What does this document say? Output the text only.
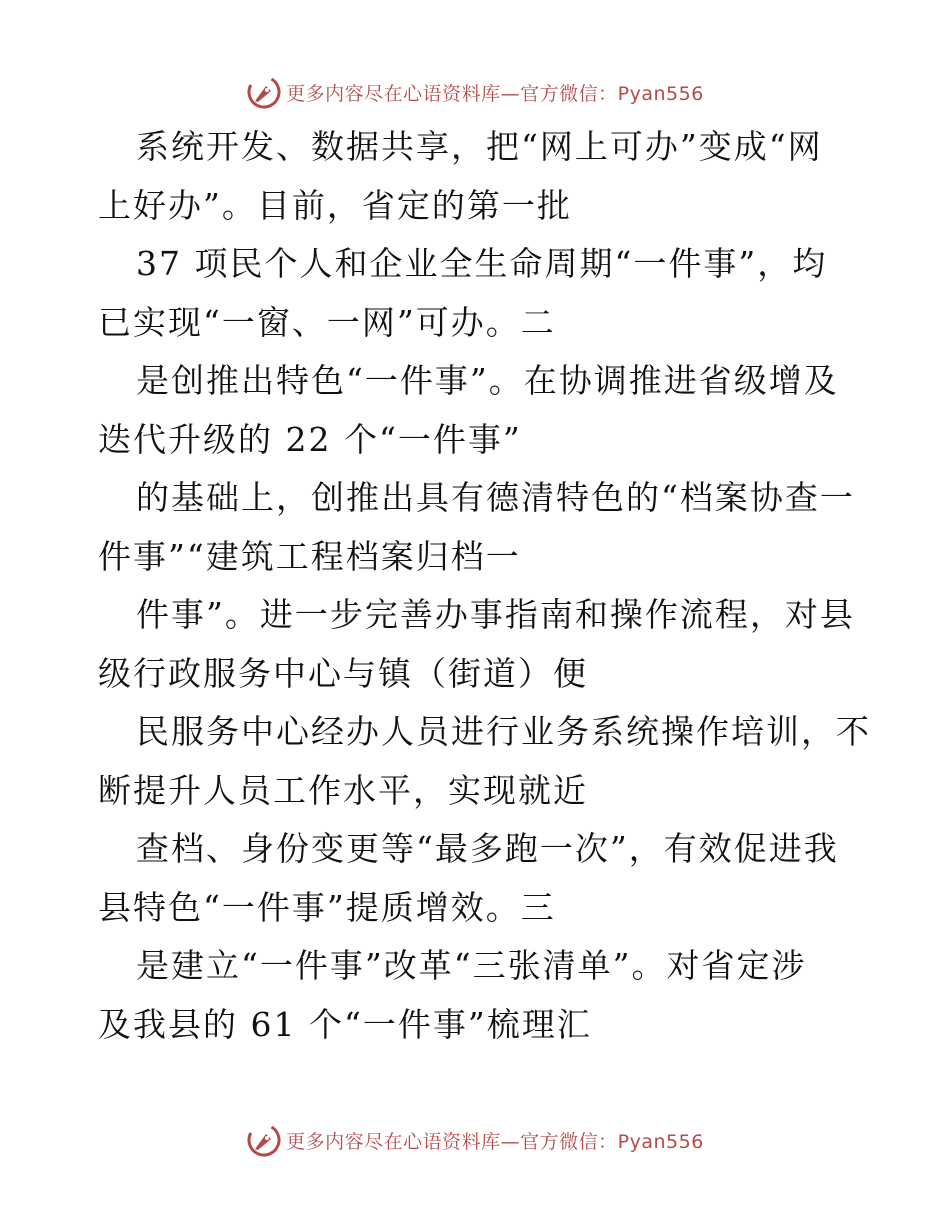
更多内容尽在心语资料库—官方微信：Pyan556
系统开发、数据共享，把“网上可办”变成“网
上好办”。目前，省定的第一批
37 项民个人和企业全生命周期“一件事”，均
已实现“一窗、一网”可办。二
是创推出特色“一件事”。在协调推进省级增及
迭代升级的 22 个“一件事”
的基础上，创推出具有德清特色的“档案协查一
件事”“建筑工程档案归档一
件事”。进一步完善办事指南和操作流程，对县
级行政服务中心与镇（街道）便
民服务中心经办人员进行业务系统操作培训，不
断提升人员工作水平，实现就近
查档、身份变更等“最多跑一次”，有效促进我
县特色“一件事”提质增效。三
是建立“一件事”改革“三张清单”。对省定涉
及我县的 61 个“一件事”梳理汇
更多内容尽在心语资料库—官方微信：Pyan556
